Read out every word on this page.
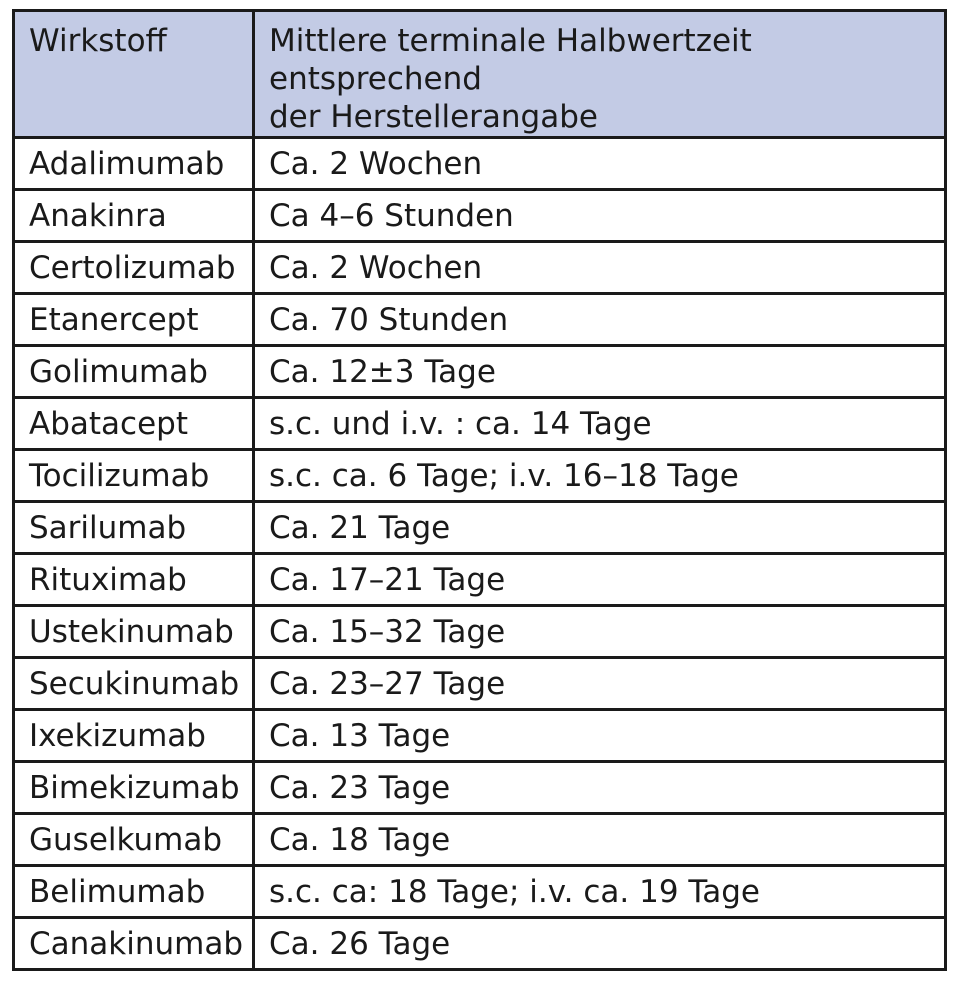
Wirkstoff	Mittlere terminale Halbwertzeit entsprechend
der Herstellerangabe

Adalimumab	Ca. 2 Wochen
Anakinra	Ca 4–6 Stunden
Certolizumab	Ca. 2 Wochen
Etanercept	Ca. 70 Stunden
Golimumab	Ca. 12±3 Tage
Abatacept	s.c. und i.v. : ca. 14 Tage
Tocilizumab	s.c. ca. 6 Tage; i.v. 16–18 Tage
Sarilumab	Ca. 21 Tage
Rituximab	Ca. 17–21 Tage
Ustekinumab	Ca. 15–32 Tage
Secukinumab	Ca. 23–27 Tage
Ixekizumab	Ca. 13 Tage
Bimekizumab	Ca. 23 Tage
Guselkumab	Ca. 18 Tage
Belimumab	s.c. ca: 18 Tage; i.v. ca. 19 Tage
Canakinumab	Ca. 26 Tage
